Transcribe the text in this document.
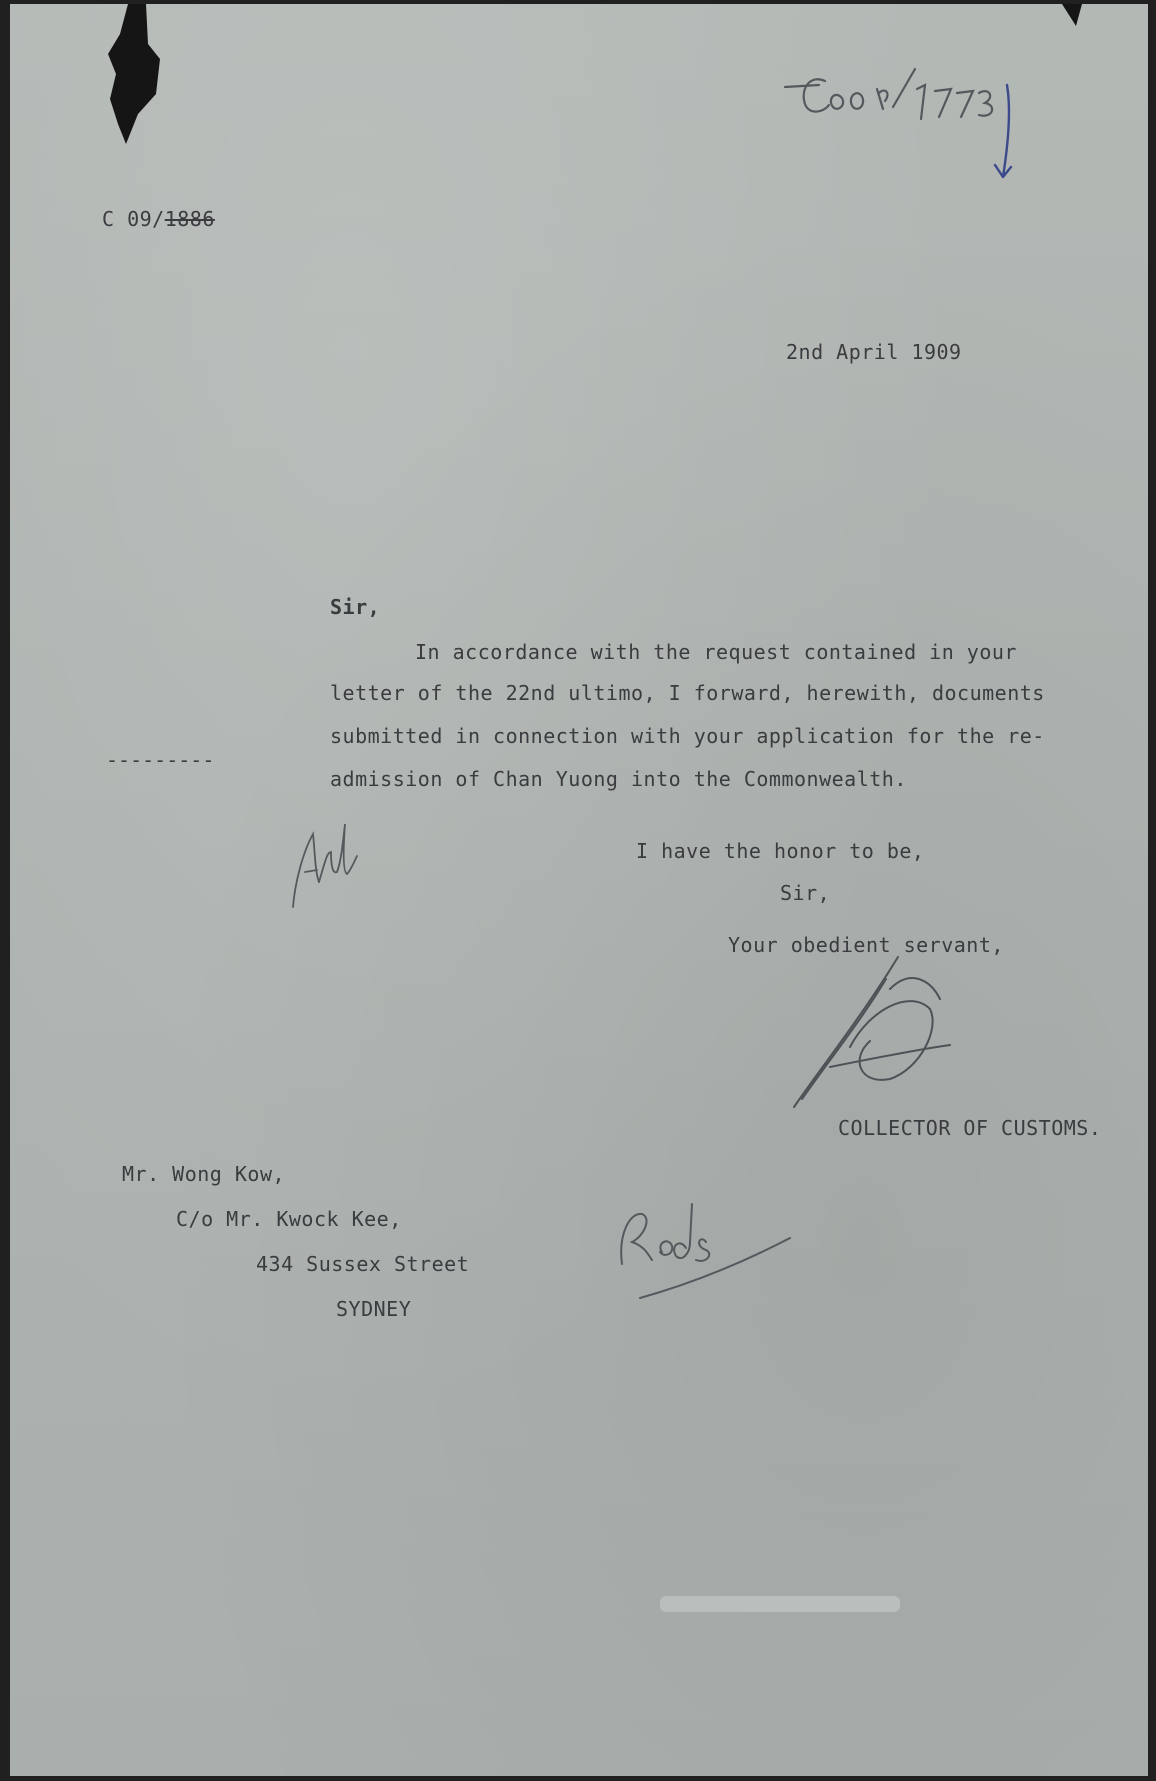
C 09/1886
2nd April 1909
Sir,
In accordance with the request contained in your
letter of the 22nd ultimo, I forward, herewith, documents
submitted in connection with your application for the re-
admission of Chan Yuong into the Commonwealth.
---------
I have the honor to be,
Sir,
Your obedient servant,
COLLECTOR OF CUSTOMS.
Mr. Wong Kow,
C/o Mr. Kwock Kee,
434 Sussex Street
SYDNEY
